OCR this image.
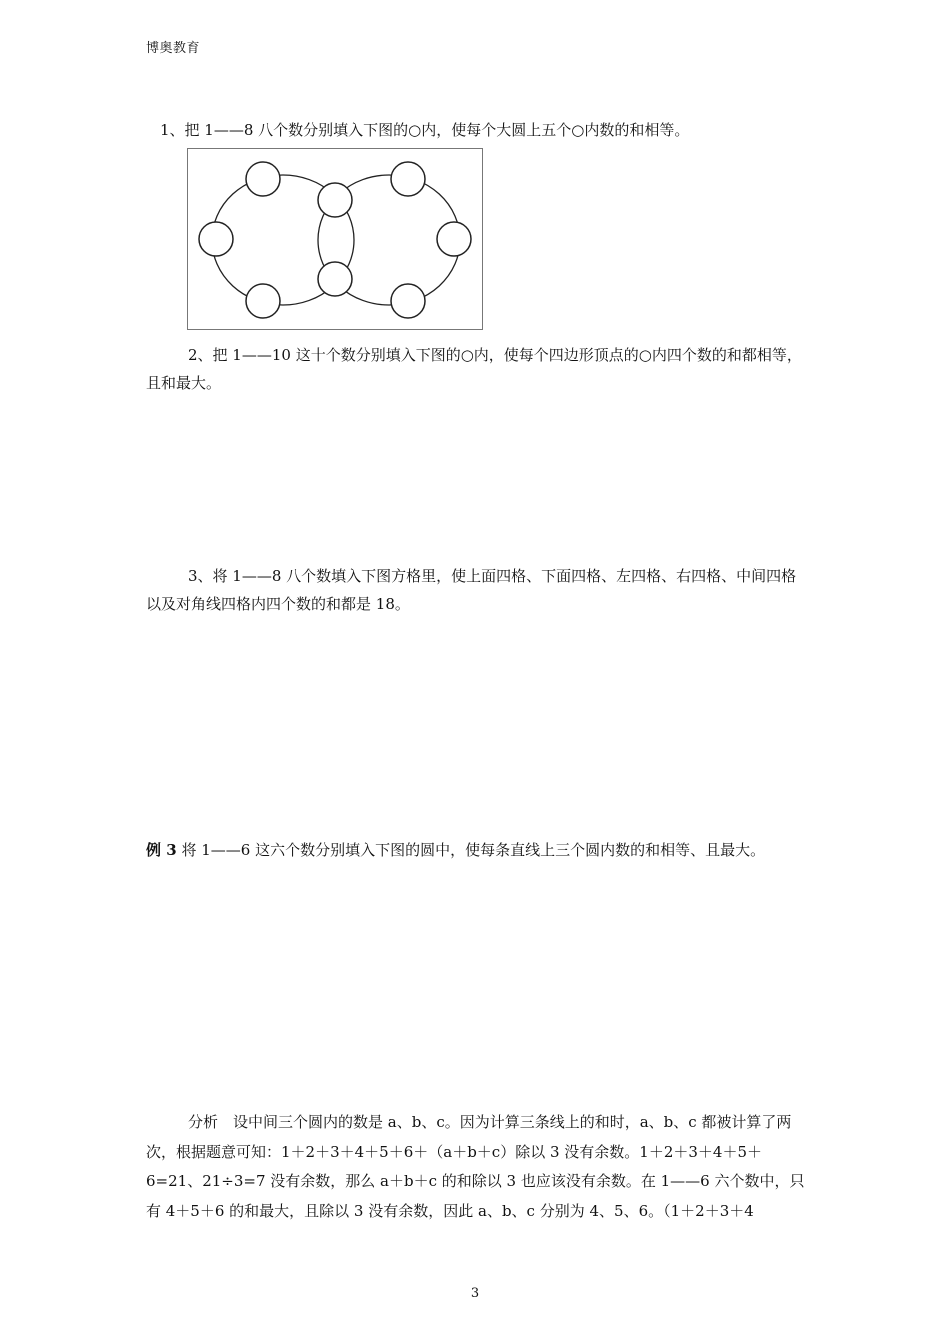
博奥教育

1、把 1——8 八个数分别填入下图的○内，使每个大圆上五个○内数的和相等。

2、把 1——10 这十个数分别填入下图的○内，使每个四边形顶点的○内四个数的和都相等，且和最大。

3、将 1——8 八个数填入下图方格里，使上面四格、下面四格、左四格、右四格、中间四格以及对角线四格内四个数的和都是 18。

例 3 将 1——6 这六个数分别填入下图的圆中，使每条直线上三个圆内数的和相等、且最大。

分析　设中间三个圆内的数是 a、b、c。因为计算三条线上的和时，a、b、c 都被计算了两次，根据题意可知：1＋2＋3＋4＋5＋6＋（a＋b＋c）除以 3 没有余数。1＋2＋3＋4＋5＋6=21、21÷3=7 没有余数，那么 a＋b＋c 的和除以 3 也应该没有余数。在 1——6 六个数中，只有 4＋5＋6 的和最大，且除以 3 没有余数，因此 a、b、c 分别为 4、5、6。（1＋2＋3＋4

3
